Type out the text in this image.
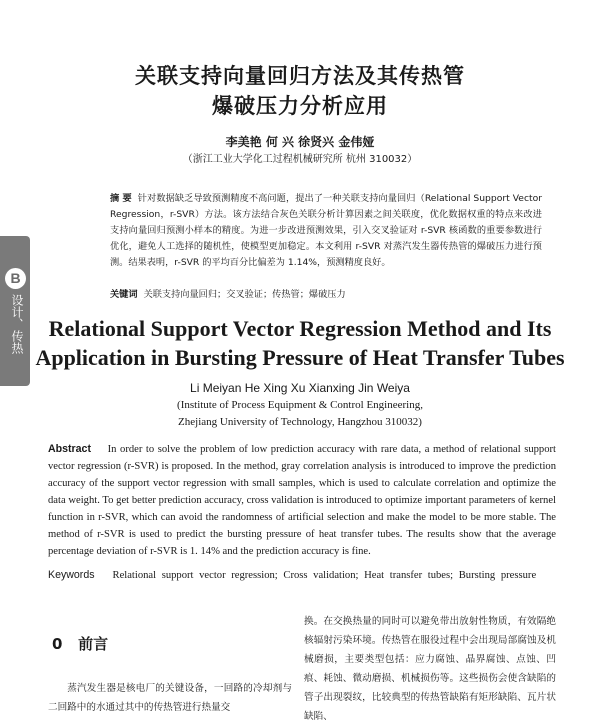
B
设计、传热
关联支持向量回归方法及其传热管
爆破压力分析应用
李美艳 何 兴 徐贤兴 金伟娅
（浙江工业大学化工过程机械研究所 杭州 310032）
摘 要 针对数据缺乏导致预测精度不高问题，提出了一种关联支持向量回归（Relational Support Vector Regression，r-SVR）方法。该方法结合灰色关联分析计算因素之间关联度，优化数据权重的特点来改进支持向量回归预测小样本的精度。为进一步改进预测效果，引入交叉验证对 r-SVR 核函数的重要参数进行优化，避免人工选择的随机性，使模型更加稳定。本文利用 r-SVR 对蒸汽发生器传热管的爆破压力进行预测。结果表明，r-SVR 的平均百分比偏差为 1.14%，预测精度良好。
关键词 关联支持向量回归；交叉验证；传热管；爆破压力
Relational Support Vector Regression Method and Its
Application in Bursting Pressure of Heat Transfer Tubes
Li Meiyan He Xing Xu Xianxing Jin Weiya
(Institute of Process Equipment & Control Engineering,
Zhejiang University of Technology, Hangzhou 310032)
Abstract In order to solve the problem of low prediction accuracy with rare data, a method of relational support vector regression (r-SVR) is proposed. In the method, gray correlation analysis is introduced to improve the prediction accuracy of the support vector regression with small samples, which is used to calculate correlation and optimize the data weight. To get better prediction accuracy, cross validation is introduced to optimize important parameters of kernel function in r-SVR, which can avoid the randomness of artificial selection and make the model to be more stable. The method of r-SVR is used to predict the bursting pressure of heat transfer tubes. The results show that the average percentage deviation of r-SVR is 1. 14% and the prediction accuracy is fine.
Keywords Relational support vector regression; Cross validation; Heat transfer tubes; Bursting pressure
0 前言
蒸汽发生器是核电厂的关键设备，一回路的冷却剂与二回路中的水通过其中的传热管进行热量交
换。在交换热量的同时可以避免带出放射性物质，有效隔绝核辐射污染环境。传热管在服役过程中会出现局部腐蚀及机械磨损，主要类型包括：应力腐蚀、晶界腐蚀、点蚀、凹痕、耗蚀、微动磨损、机械损伤等。这些损伤会使含缺陷的管子出现裂纹，比较典型的传热管缺陷有矩形缺陷、瓦片状缺陷、
